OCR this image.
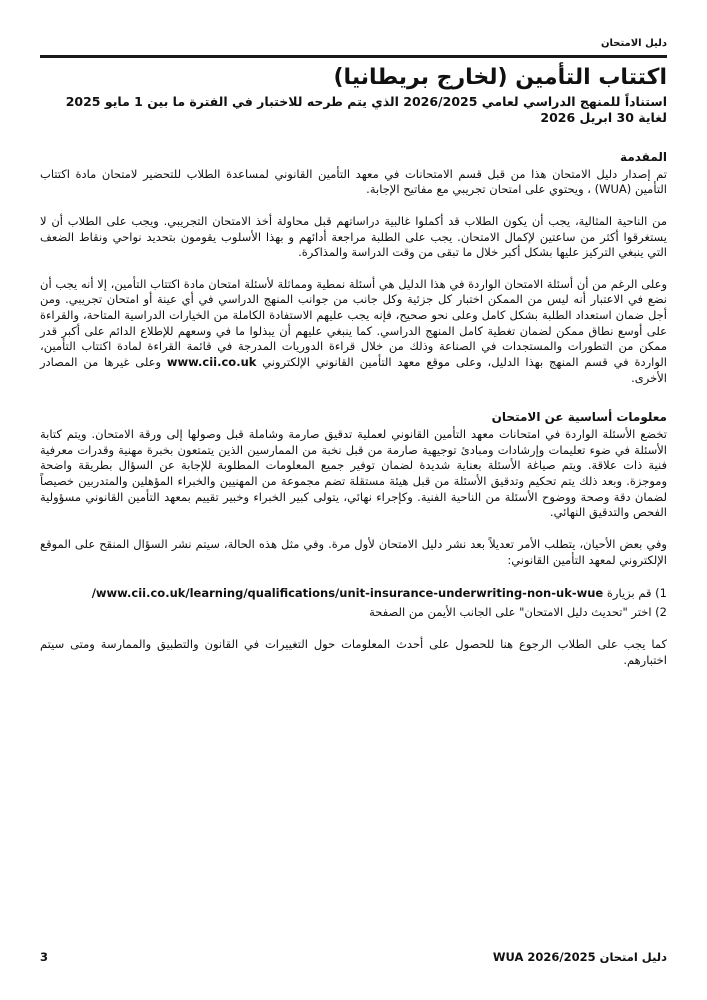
دليل الامتحان
اكتتاب التأمين (لخارج بريطانيا)
استناداً للمنهج الدراسي لعامي 2026/2025 الذي يتم طرحه للاختبار في الفترة ما بين 1 مايو 2025 لغاية 30 ابريل 2026
المقدمة

تم إصدار دليل الامتحان هذا من قبل قسم الامتحانات في معهد التأمين القانوني لمساعدة الطلاب للتحضير لامتحان مادة اكتتاب التأمين (WUA) ، ويحتوي على امتحان تجريبي مع مفاتيح الإجابة.

من الناحية المثالية، يجب أن يكون الطلاب قد أكملوا غالبية دراساتهم قبل محاولة أخذ الامتحان التجريبي. ويجب على الطلاب أن لا يستغرقوا أكثر من ساعتين لإكمال الامتحان. يجب على الطلبة مراجعة أدائهم و بهذا الأسلوب يقومون بتحديد نواحي ونقاط الضعف التي ينبغي التركيز عليها بشكل أكبر خلال ما تبقى من وقت الدراسة والمذاكرة.

وعلى الرغم من أن أسئلة الامتحان الواردة في هذا الدليل هي أسئلة نمطية ومماثلة لأسئلة امتحان مادة اكتتاب التأمين، إلا أنه يجب أن نضع في الاعتبار أنه ليس من الممكن اختبار كل جزئية وكل جانب من جوانب المنهج الدراسي في أي عينة أو امتحان تجريبي. ومن أجل ضمان استعداد الطلبة بشكل كامل وعلى نحو صحيح، فإنه يجب عليهم الاستفادة الكاملة من الخيارات الدراسية المتاحة، والقراءة على أوسع نطاق ممكن لضمان تغطية كامل المنهج الدراسي. كما ينبغي عليهم أن يبذلوا ما في وسعهم للإطلاع الدائم على أكبر قدر ممكن من التطورات والمستجدات في الصناعة وذلك من خلال قراءة الدوريات المدرجة في قائمة القراءة لمادة اكتتاب التأمين، الواردة في قسم المنهج بهذا الدليل، وعلى موقع معهد التأمين القانوني الإلكتروني www.cii.co.uk وعلى غيرها من المصادر الأخرى.

معلومات أساسية عن الامتحان

تخضع الأسئلة الواردة في امتحانات معهد التأمين القانوني لعملية تدقيق صارمة وشاملة قبل وصولها إلى ورقة الامتحان. ويتم كتابة الأسئلة في ضوء تعليمات وإرشادات ومبادئ توجيهية صارمة من قبل نخبة من الممارسين الذين يتمتعون بخبرة مهنية وقدرات معرفية فنية ذات علاقة. ويتم صياغة الأسئلة بعناية شديدة لضمان توفير جميع المعلومات المطلوبة للإجابة عن السؤال بطريقة واضحة وموجزة. وبعد ذلك يتم تحكيم وتدقيق الأسئلة من قبل هيئة مستقلة تضم مجموعة من المهنيين والخبراء المؤهلين والمتدربين خصيصاً لضمان دقة وصحة ووضوح الأسئلة من الناحية الفنية. وكإجراء نهائي، يتولى كبير الخبراء وخبير تقييم بمعهد التأمين القانوني مسؤولية الفحص والتدقيق النهائي.

وفي بعض الأحيان، يتطلب الأمر تعديلاً بعد نشر دليل الامتحان لأول مرة. وفي مثل هذه الحالة، سيتم نشر السؤال المنقح على الموقع الإلكتروني لمعهد التأمين القانوني:

1) قم بزيارة www.cii.co.uk/learning/qualifications/unit-insurance-underwriting-non-uk-wue/
2) اختر "تحديث دليل الامتحان" على الجانب الأيمن من الصفحة

كما يجب على الطلاب الرجوع هنا للحصول على أحدث المعلومات حول التغييرات في القانون والتطبيق والممارسة ومتى سيتم اختبارهم.

3	دليل امتحان WUA 2026/2025
